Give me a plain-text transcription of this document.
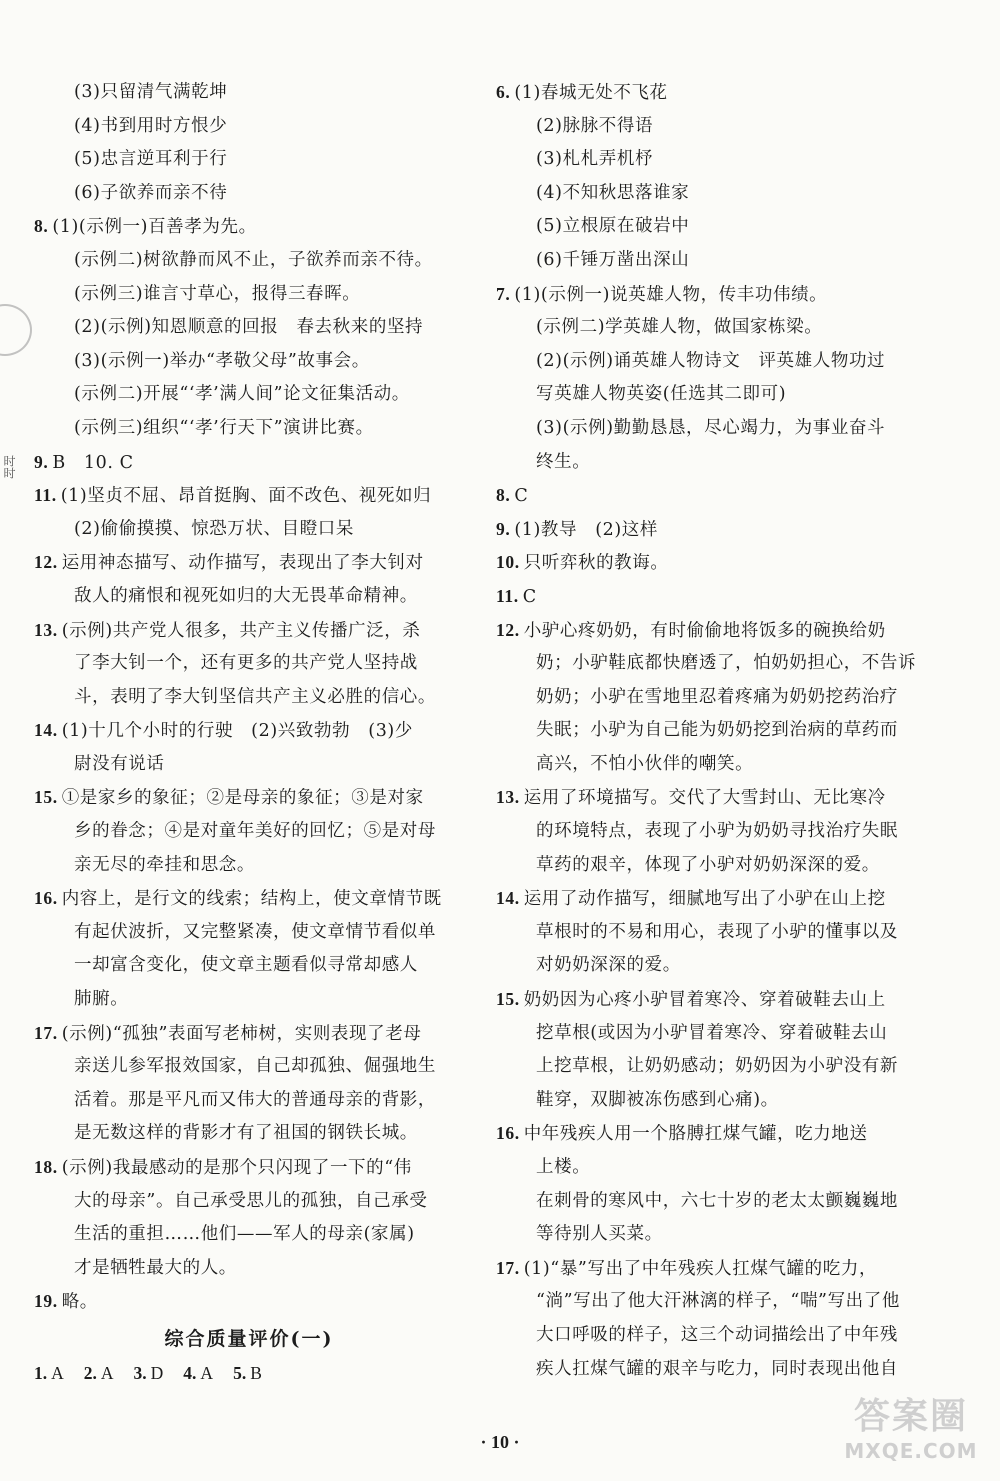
时时
(3)只留清气满乾坤
(4)书到用时方恨少
(5)忠言逆耳利于行
(6)子欲养而亲不待
8. (1)(示例一)百善孝为先。
(示例二)树欲静而风不止，子欲养而亲不待。
(示例三)谁言寸草心，报得三春晖。
(2)(示例)知恩顺意的回报　春去秋来的坚持
(3)(示例一)举办“孝敬父母”故事会。
(示例二)开展“‘孝’满人间”论文征集活动。
(示例三)组织“‘孝’行天下”演讲比赛。
9. B　10. C
11. (1)坚贞不屈、昂首挺胸、面不改色、视死如归
(2)偷偷摸摸、惊恐万状、目瞪口呆
12. 运用神态描写、动作描写，表现出了李大钊对
敌人的痛恨和视死如归的大无畏革命精神。
13. (示例)共产党人很多，共产主义传播广泛，杀
了李大钊一个，还有更多的共产党人坚持战
斗，表明了李大钊坚信共产主义必胜的信心。
14. (1)十几个小时的行驶　(2)兴致勃勃　(3)少
尉没有说话
15. ①是家乡的象征；②是母亲的象征；③是对家
乡的眷念；④是对童年美好的回忆；⑤是对母
亲无尽的牵挂和思念。
16. 内容上，是行文的线索；结构上，使文章情节既
有起伏波折，又完整紧凑，使文章情节看似单
一却富含变化，使文章主题看似寻常却感人
肺腑。
17. (示例)“孤独”表面写老柿树，实则表现了老母
亲送儿参军报效国家，自己却孤独、倔强地生
活着。那是平凡而又伟大的普通母亲的背影，
是无数这样的背影才有了祖国的钢铁长城。
18. (示例)我最感动的是那个只闪现了一下的“伟
大的母亲”。自己承受思儿的孤独，自己承受
生活的重担……他们——军人的母亲(家属)
才是牺牲最大的人。
19. 略。
综合质量评价(一)
1. A 2. A 3. D 4. A 5. B
6. (1)春城无处不飞花
(2)脉脉不得语
(3)札札弄机杼
(4)不知秋思落谁家
(5)立根原在破岩中
(6)千锤万凿出深山
7. (1)(示例一)说英雄人物，传丰功伟绩。
(示例二)学英雄人物，做国家栋梁。
(2)(示例)诵英雄人物诗文　评英雄人物功过
写英雄人物英姿(任选其二即可)
(3)(示例)勤勤恳恳，尽心竭力，为事业奋斗
终生。
8. C
9. (1)教导　(2)这样
10. 只听弈秋的教诲。
11. C
12. 小驴心疼奶奶，有时偷偷地将饭多的碗换给奶
奶；小驴鞋底都快磨透了，怕奶奶担心，不告诉
奶奶；小驴在雪地里忍着疼痛为奶奶挖药治疗
失眠；小驴为自己能为奶奶挖到治病的草药而
高兴，不怕小伙伴的嘲笑。
13. 运用了环境描写。交代了大雪封山、无比寒冷
的环境特点，表现了小驴为奶奶寻找治疗失眠
草药的艰辛，体现了小驴对奶奶深深的爱。
14. 运用了动作描写，细腻地写出了小驴在山上挖
草根时的不易和用心，表现了小驴的懂事以及
对奶奶深深的爱。
15. 奶奶因为心疼小驴冒着寒冷、穿着破鞋去山上
挖草根(或因为小驴冒着寒冷、穿着破鞋去山
上挖草根，让奶奶感动；奶奶因为小驴没有新
鞋穿，双脚被冻伤感到心痛)。
16. 中年残疾人用一个胳膊扛煤气罐，吃力地送
上楼。
在刺骨的寒风中，六七十岁的老太太颤巍巍地
等待别人买菜。
17. (1)“暴”写出了中年残疾人扛煤气罐的吃力，
“淌”写出了他大汗淋漓的样子，“喘”写出了他
大口呼吸的样子，这三个动词描绘出了中年残
疾人扛煤气罐的艰辛与吃力，同时表现出他自
· 10 ·
答案圈
MXQE.COM
